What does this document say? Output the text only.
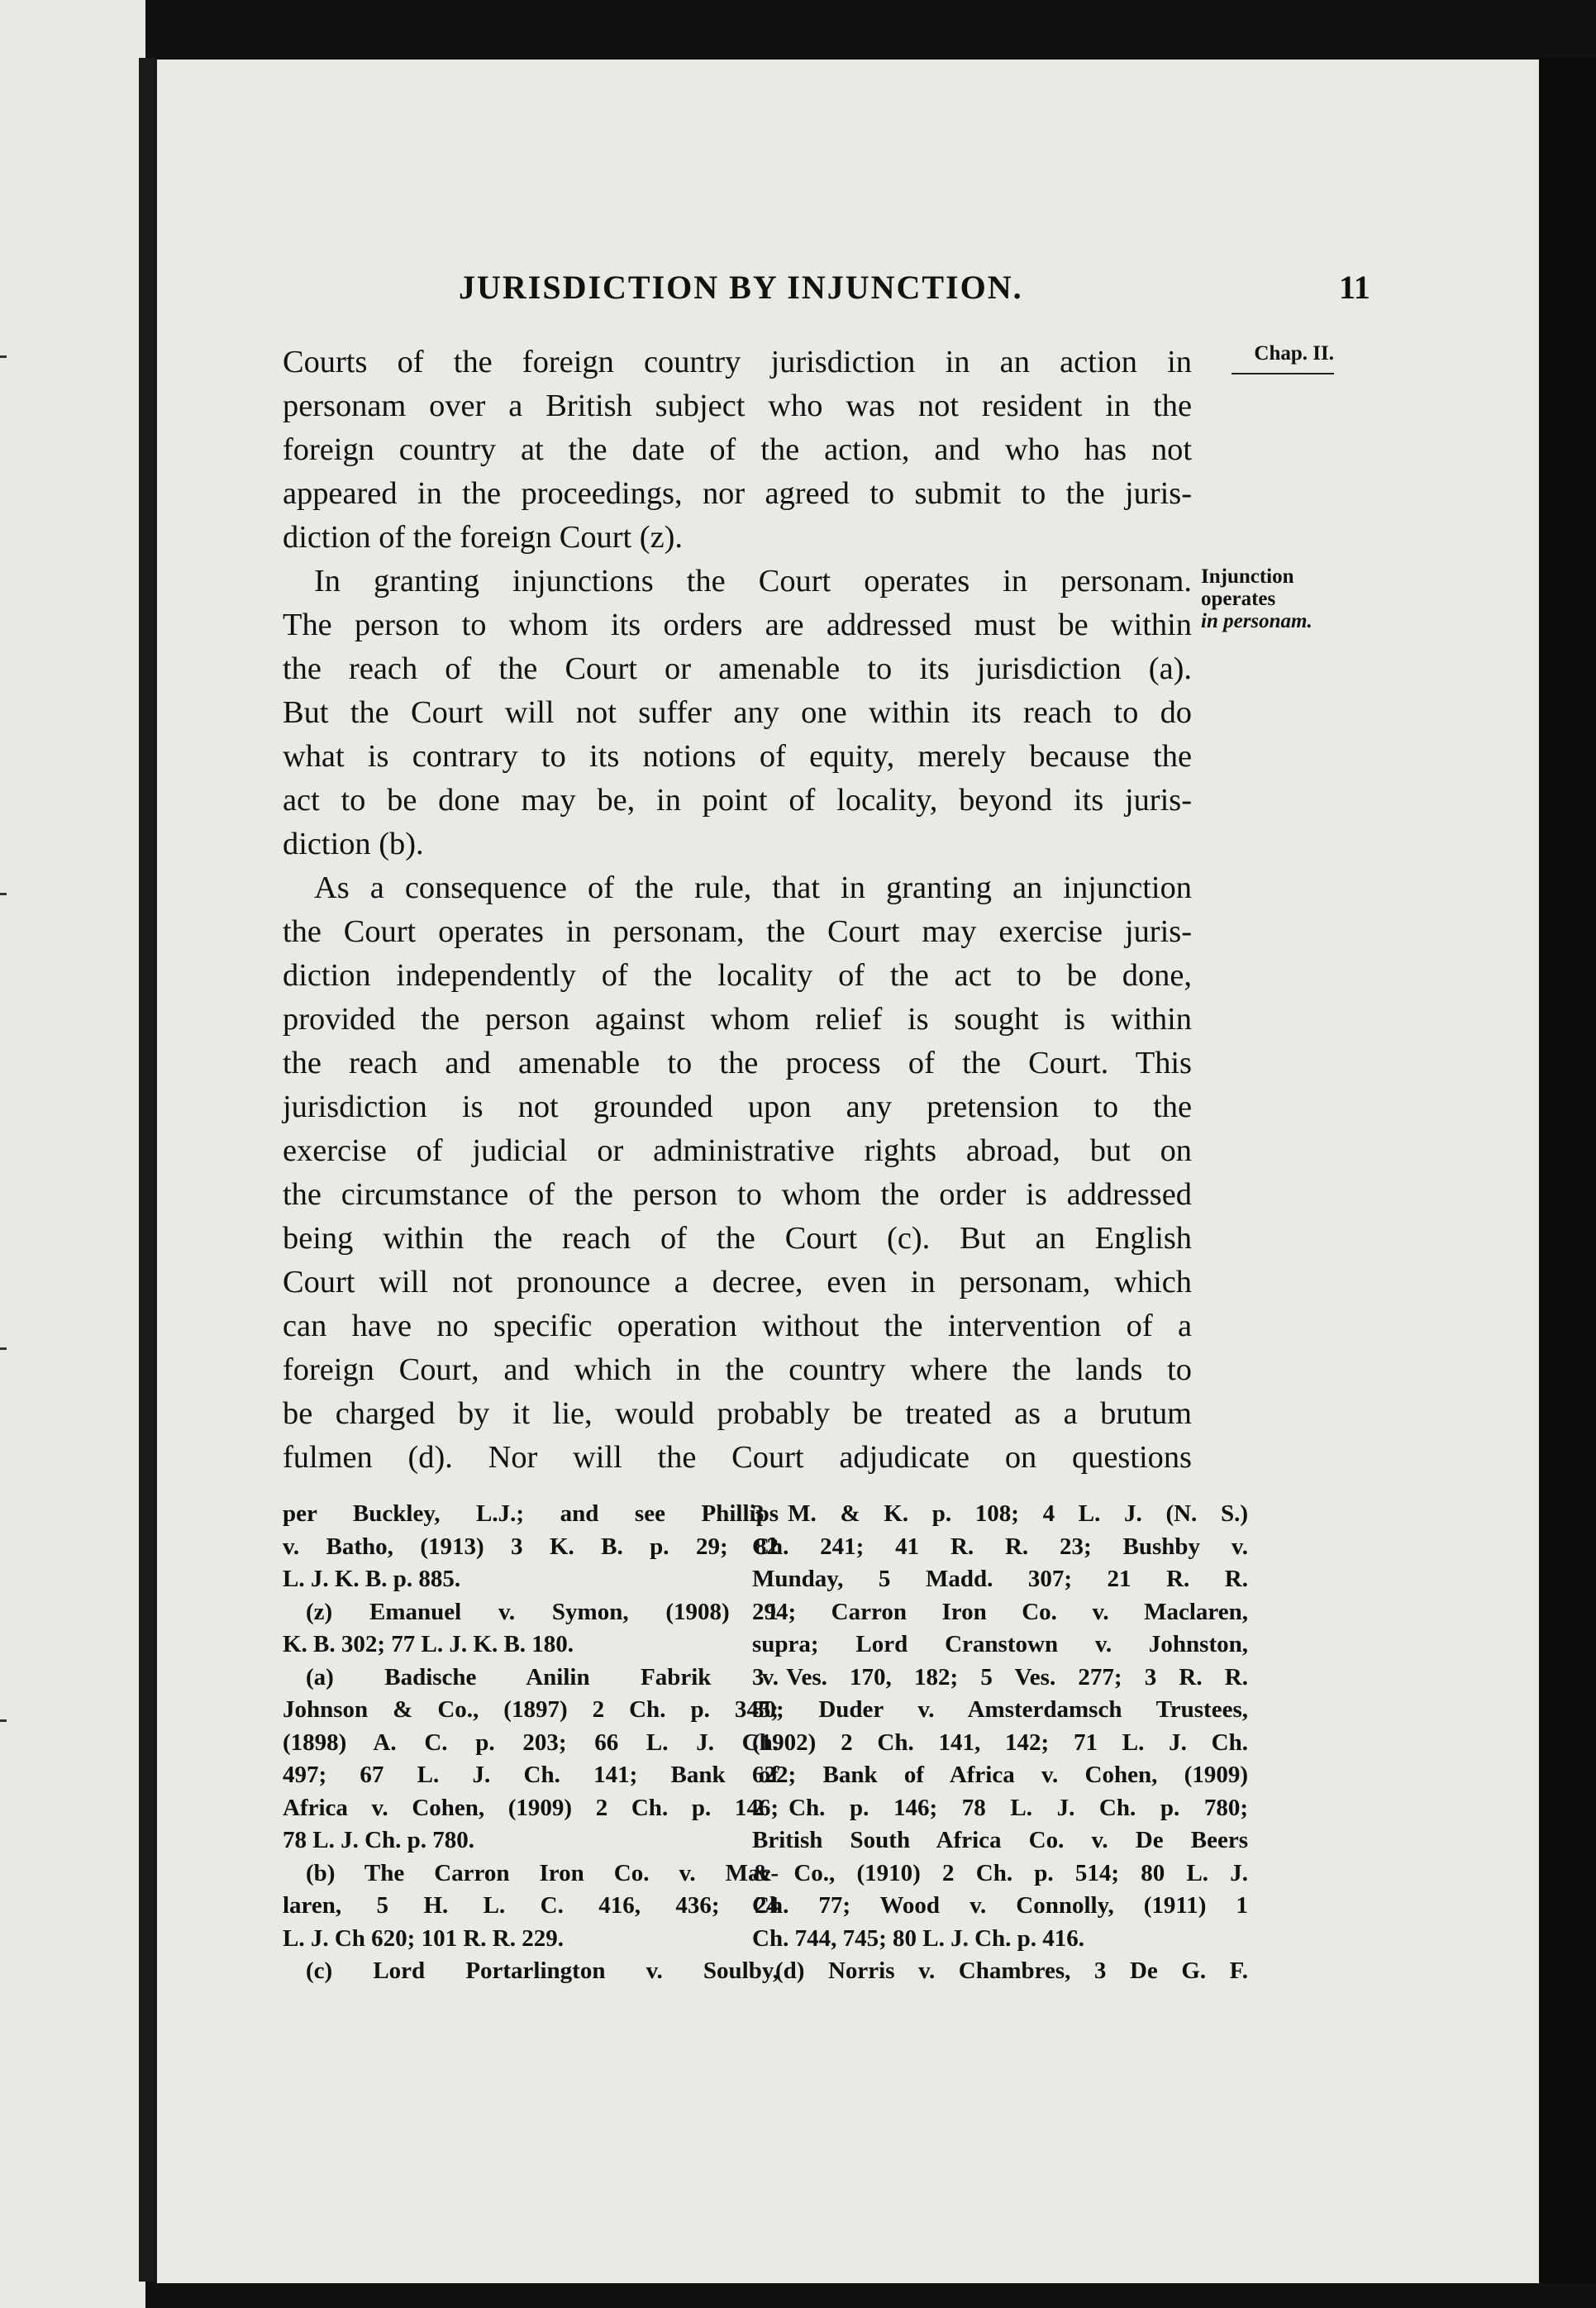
JURISDICTION BY INJUNCTION.	11
Chap. II.
Injunction
operates
in personam.

Courts of the foreign country jurisdiction in an action in
personam over a British subject who was not resident in the
foreign country at the date of the action, and who has not
appeared in the proceedings, nor agreed to submit to the juris-
diction of the foreign Court (z).

In granting injunctions the Court operates in personam.
The person to whom its orders are addressed must be within
the reach of the Court or amenable to its jurisdiction (a).
But the Court will not suffer any one within its reach to do
what is contrary to its notions of equity, merely because the
act to be done may be, in point of locality, beyond its juris-
diction (b).

As a consequence of the rule, that in granting an injunction
the Court operates in personam, the Court may exercise juris-
diction independently of the locality of the act to be done,
provided the person against whom relief is sought is within
the reach and amenable to the process of the Court. This
jurisdiction is not grounded upon any pretension to the
exercise of judicial or administrative rights abroad, but on
the circumstance of the person to whom the order is addressed
being within the reach of the Court (c). But an English
Court will not pronounce a decree, even in personam, which
can have no specific operation without the intervention of a
foreign Court, and which in the country where the lands to
be charged by it lie, would probably be treated as a brutum
fulmen (d). Nor will the Court adjudicate on questions

per Buckley, L.J.; and see Phillips
v. Batho, (1913) 3 K. B. p. 29; 82
L. J. K. B. p. 885.
(z) Emanuel v. Symon, (1908) 1
K. B. 302; 77 L. J. K. B. 180.
(a) Badische Anilin Fabrik v.
Johnson & Co., (1897) 2 Ch. p. 345;
(1898) A. C. p. 203; 66 L. J. Ch.
497; 67 L. J. Ch. 141; Bank of
Africa v. Cohen, (1909) 2 Ch. p. 146;
78 L. J. Ch. p. 780.
(b) The Carron Iron Co. v. Mac-
laren, 5 H. L. C. 416, 436; 24
L. J. Ch 620; 101 R. R. 229.
(c) Lord Portarlington v. Soulby,
3 M. & K. p. 108; 4 L. J. (N. S.)
Ch. 241; 41 R. R. 23; Bushby v.
Munday, 5 Madd. 307; 21 R. R.
294; Carron Iron Co. v. Maclaren,
supra; Lord Cranstown v. Johnston,
3 Ves. 170, 182; 5 Ves. 277; 3 R. R.
80; Duder v. Amsterdamsch Trustees,
(1902) 2 Ch. 141, 142; 71 L. J. Ch.
622; Bank of Africa v. Cohen, (1909)
2 Ch. p. 146; 78 L. J. Ch. p. 780;
British South Africa Co. v. De Beers
& Co., (1910) 2 Ch. p. 514; 80 L. J.
Ch. 77; Wood v. Connolly, (1911) 1
Ch. 744, 745; 80 L. J. Ch. p. 416.
(d) Norris v. Chambres, 3 De G. F.
